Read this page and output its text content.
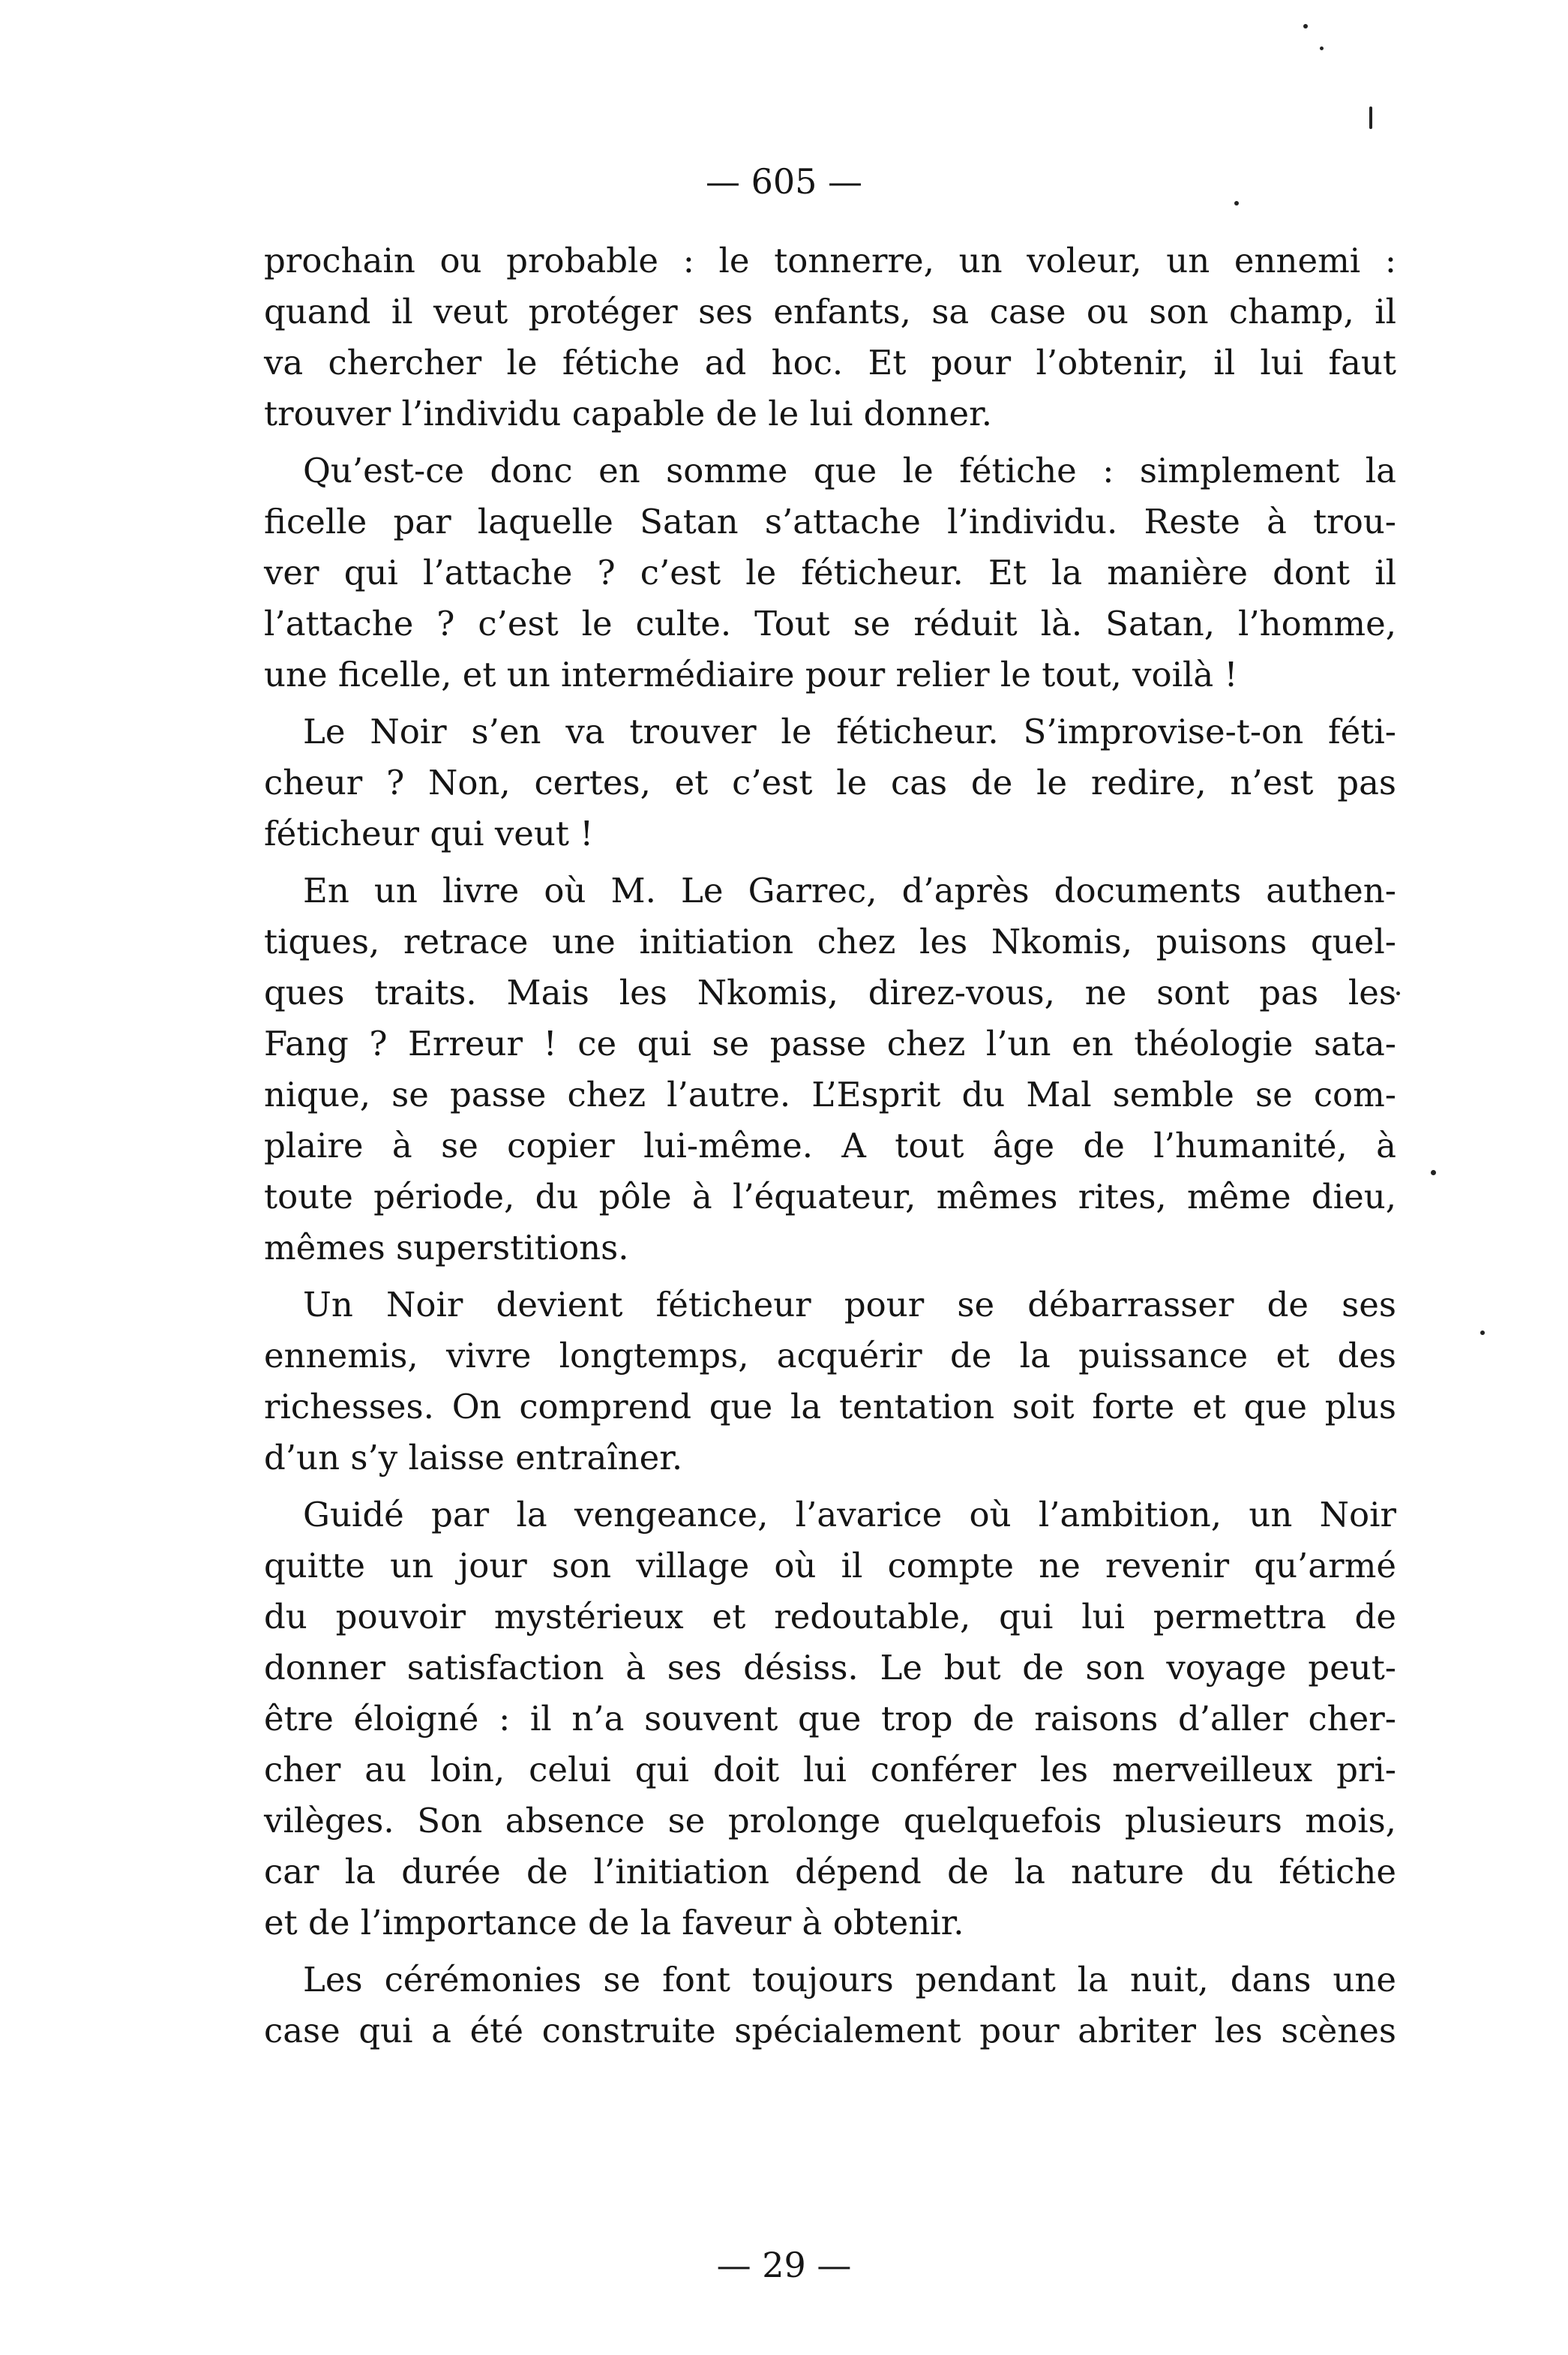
— 605 —
prochain ou probable : le tonnerre, un voleur, un ennemi :
quand il veut protéger ses enfants, sa case ou son champ, il
va chercher le fétiche ad hoc. Et pour l’obtenir, il lui faut
trouver l’individu capable de le lui donner.
Qu’est-ce donc en somme que le fétiche : simplement la
ficelle par laquelle Satan s’attache l’individu. Reste à trou-
ver qui l’attache ? c’est le féticheur. Et la manière dont il
l’attache ? c’est le culte. Tout se réduit là. Satan, l’homme,
une ficelle, et un intermédiaire pour relier le tout, voilà !
Le Noir s’en va trouver le féticheur. S’improvise-t-on féti-
cheur ? Non, certes, et c’est le cas de le redire, n’est pas
féticheur qui veut !
En un livre où M. Le Garrec, d’après documents authen-
tiques, retrace une initiation chez les Nkomis, puisons quel-
ques traits. Mais les Nkomis, direz-vous, ne sont pas les
Fang ? Erreur ! ce qui se passe chez l’un en théologie sata-
nique, se passe chez l’autre. L’Esprit du Mal semble se com-
plaire à se copier lui-même. A tout âge de l’humanité, à
toute période, du pôle à l’équateur, mêmes rites, même dieu,
mêmes superstitions.
Un Noir devient féticheur pour se débarrasser de ses
ennemis, vivre longtemps, acquérir de la puissance et des
richesses. On comprend que la tentation soit forte et que plus
d’un s’y laisse entraîner.
Guidé par la vengeance, l’avarice où l’ambition, un Noir
quitte un jour son village où il compte ne revenir qu’armé
du pouvoir mystérieux et redoutable, qui lui permettra de
donner satisfaction à ses désiss. Le but de son voyage peut-
être éloigné : il n’a souvent que trop de raisons d’aller cher-
cher au loin, celui qui doit lui conférer les merveilleux pri-
vilèges. Son absence se prolonge quelquefois plusieurs mois,
car la durée de l’initiation dépend de la nature du fétiche
et de l’importance de la faveur à obtenir.
Les cérémonies se font toujours pendant la nuit, dans une
case qui a été construite spécialement pour abriter les scènes
— 29 —
